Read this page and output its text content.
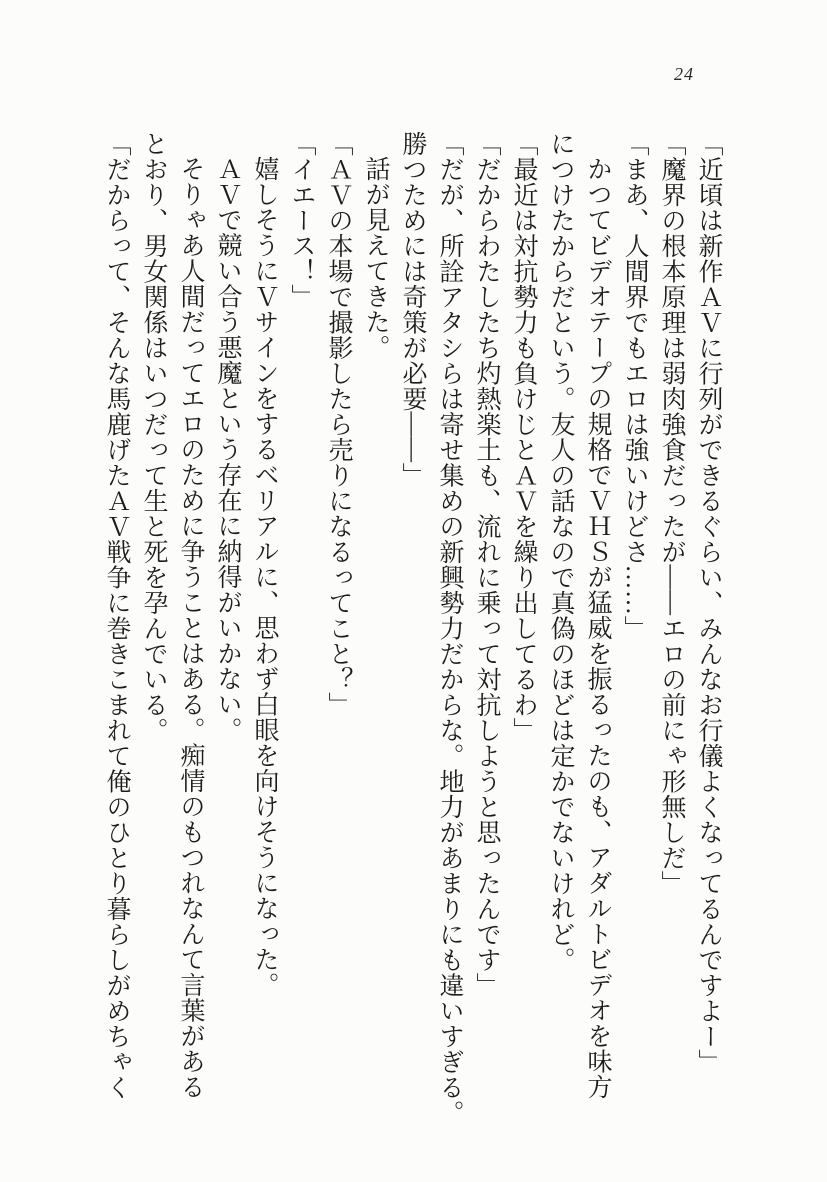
24
「近頃は新作ＡＶに行列ができるぐらい、みんなお行儀よくなってるんですよー」
「魔界の根本原理は弱肉強食だったが――エロの前にゃ形無しだ」
「まあ、人間界でもエロは強いけどさ……」
かつてビデオテープの規格でＶＨＳが猛威を振るったのも、アダルトビデオを味方
につけたからだという。友人の話なので真偽のほどは定かでないけれど。
「最近は対抗勢力も負けじとＡＶを繰り出してるわ」
「だからわたしたち灼熱楽土も、流れに乗って対抗しようと思ったんです」
「だが、所詮アタシらは寄せ集めの新興勢力だからな。地力があまりにも違いすぎる。
勝つためには奇策が必要――」
話が見えてきた。
「ＡＶの本場で撮影したら売りになるってこと？」
「イエース！」
嬉しそうにＶサインをするベリアルに、思わず白眼を向けそうになった。
ＡＶで競い合う悪魔という存在に納得がいかない。
そりゃあ人間だってエロのために争うことはある。痴情のもつれなんて言葉がある
とおり、男女関係はいつだって生と死を孕んでいる。
「だからって、そんな馬鹿げたＡＶ戦争に巻きこまれて俺のひとり暮らしがめちゃく
